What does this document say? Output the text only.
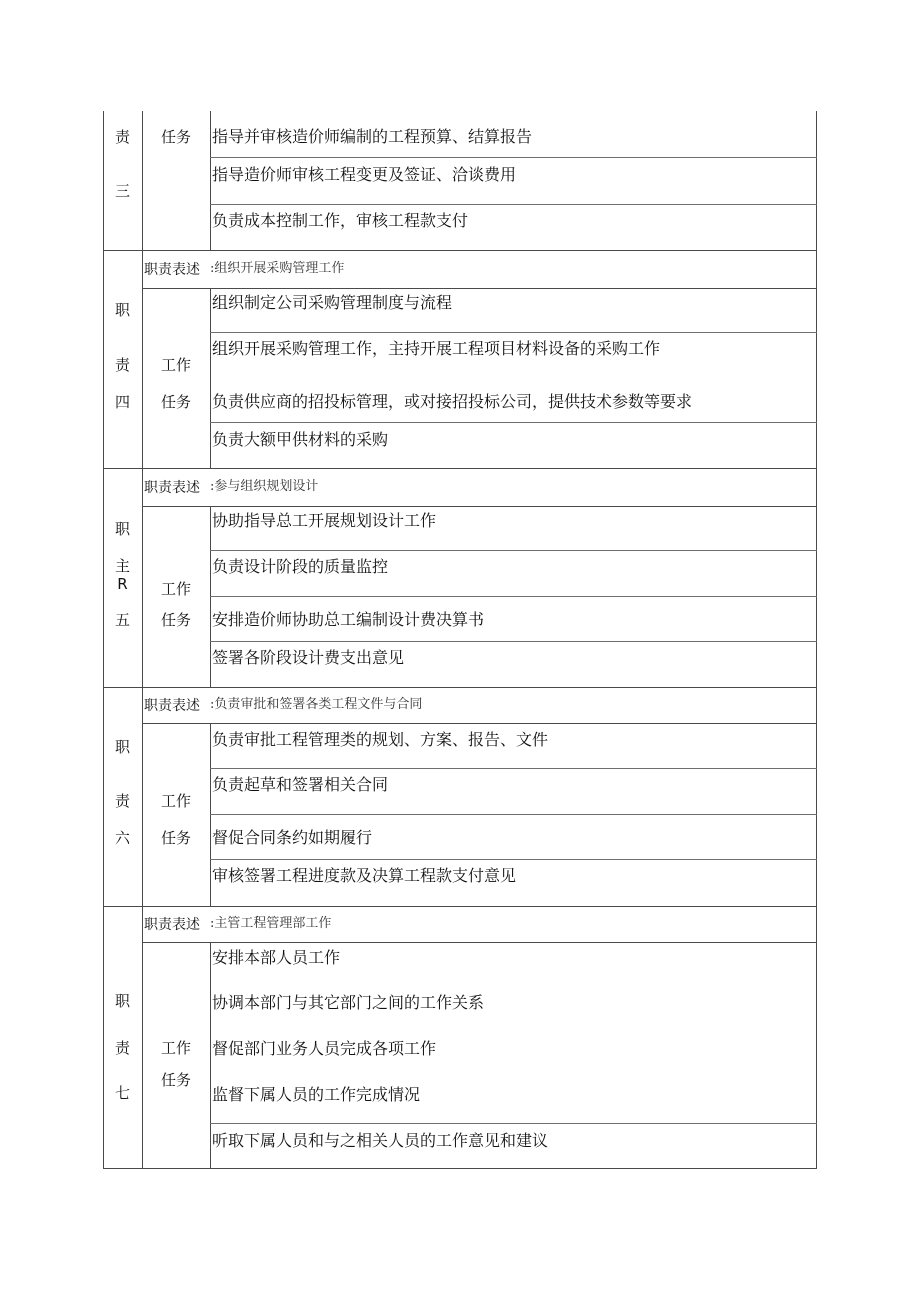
责
三
任务	指导并审核造价师编制的工程预算、结算报告
指导造价师审核工程变更及签证、洽谈费用
负责成本控制工作，审核工程款支付
职责表述 :组织开展采购管理工作
职
责
四
工作
任务
组织制定公司采购管理制度与流程
组织开展采购管理工作，主持开展工程项目材料设备的采购工作
负责供应商的招投标管理，或对接招投标公司，提供技术参数等要求
负责大额甲供材料的采购
职责表述 :参与组织规划设计
职
主
R
五
工作
任务
协助指导总工开展规划设计工作
负责设计阶段的质量监控
安排造价师协助总工编制设计费决算书
签署各阶段设计费支出意见
职责表述 :负责审批和签署各类工程文件与合同
职
责
六
工作
任务
负责审批工程管理类的规划、方案、报告、文件
负责起草和签署相关合同
督促合同条约如期履行
审核签署工程进度款及决算工程款支付意见
职责表述 :主管工程管理部工作
职
责
七
工作
任务
安排本部人员工作
协调本部门与其它部门之间的工作关系
督促部门业务人员完成各项工作
监督下属人员的工作完成情况
听取下属人员和与之相关人员的工作意见和建议
